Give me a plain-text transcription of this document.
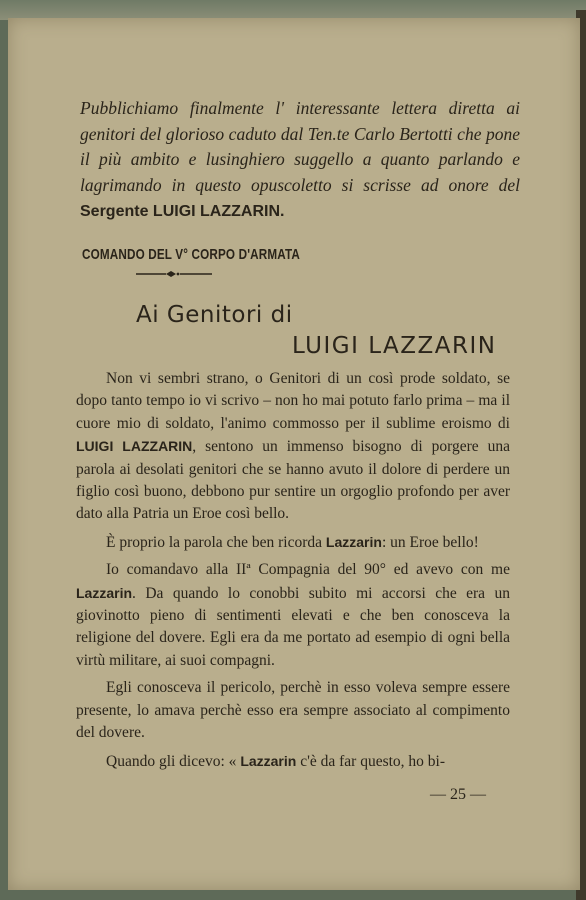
Pubblichiamo finalmente l' interessante lettera diretta ai genitori del glorioso caduto dal Ten.te Carlo Bertotti che pone il più ambito e lusinghiero suggello a quanto parlando e lagrimando in questo opuscoletto si scrisse ad onore del Sergente LUIGI LAZZARIN.
COMANDO DEL V° CORPO D'ARMATA
Ai Genitori di
LUIGI LAZZARIN

Non vi sembri strano, o Genitori di un così prode soldato, se dopo tanto tempo io vi scrivo – non ho mai potuto farlo prima – ma il cuore mio di soldato, l'animo commosso per il sublime eroismo di LUIGI LAZZARIN, sentono un immenso bisogno di porgere una parola ai desolati genitori che se hanno avuto il dolore di perdere un figlio così buono, debbono pur sentire un orgoglio profondo per aver dato alla Patria un Eroe così bello.

È proprio la parola che ben ricorda Lazzarin: un Eroe bello!

Io comandavo alla IIª Compagnia del 90° ed avevo con me Lazzarin. Da quando lo conobbi subito mi accorsi che era un giovinotto pieno di sentimenti elevati e che ben conosceva la religione del dovere. Egli era da me portato ad esempio di ogni bella virtù militare, ai suoi compagni.

Egli conosceva il pericolo, perchè in esso voleva sempre essere presente, lo amava perchè esso era sempre associato al compimento del dovere.

Quando gli dicevo: « Lazzarin c'è da far questo, ho bi-

— 25 —
